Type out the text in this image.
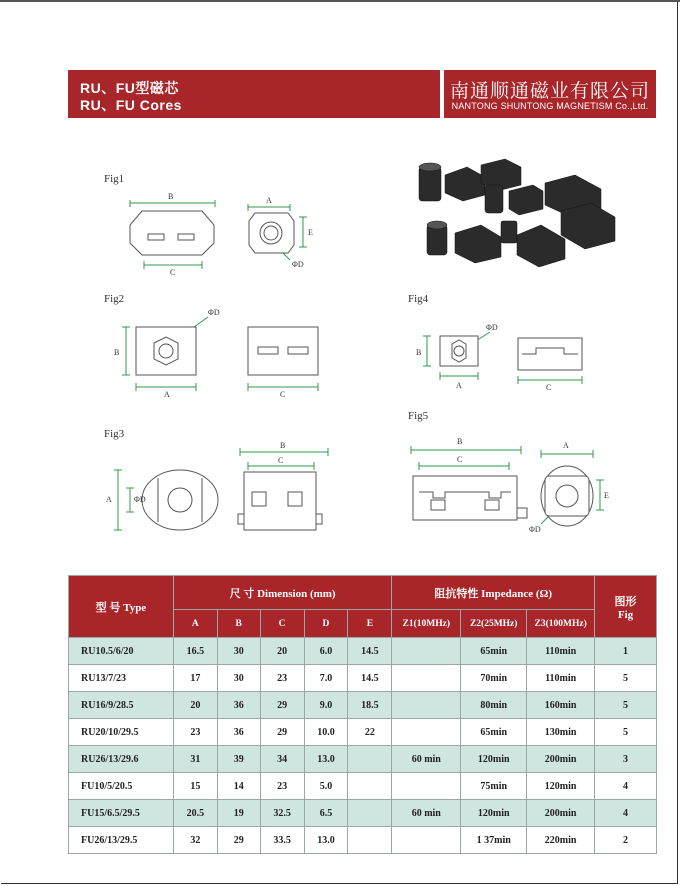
RU、FU型磁芯
RU、FU Cores
南通顺通磁业有限公司
NANTONG SHUNTONG MAGNETISM Co.,Ltd.
Fig1
B
C
A
E
ΦD
Fig2
B
A
ΦD
C
Fig4
B
A
ΦD
C
Fig3
A	ΦD
B
C
Fig5
B
C
A
E
ΦD
型 号 Type	尺 寸 Dimension (mm)					阻抗特性 Impedance (Ω)			图形
Fig
	A	B	C	D	E	Z1(10MHz)	Z2(25MHz)	Z3(100MHz)	
RU10.5/6/20	16.5	30	20	6.0	14.5		65min	110min	1
RU13/7/23	17	30	23	7.0	14.5		70min	110min	5
RU16/9/28.5	20	36	29	9.0	18.5		80min	160min	5
RU20/10/29.5	23	36	29	10.0	22		65min	130min	5
RU26/13/29.6	31	39	34	13.0		60 min	120min	200min	3
FU10/5/20.5	15	14	23	5.0			75min	120min	4
FU15/6.5/29.5	20.5	19	32.5	6.5		60 min	120min	200min	4
FU26/13/29.5	32	29	33.5	13.0			1 37min	220min	2
